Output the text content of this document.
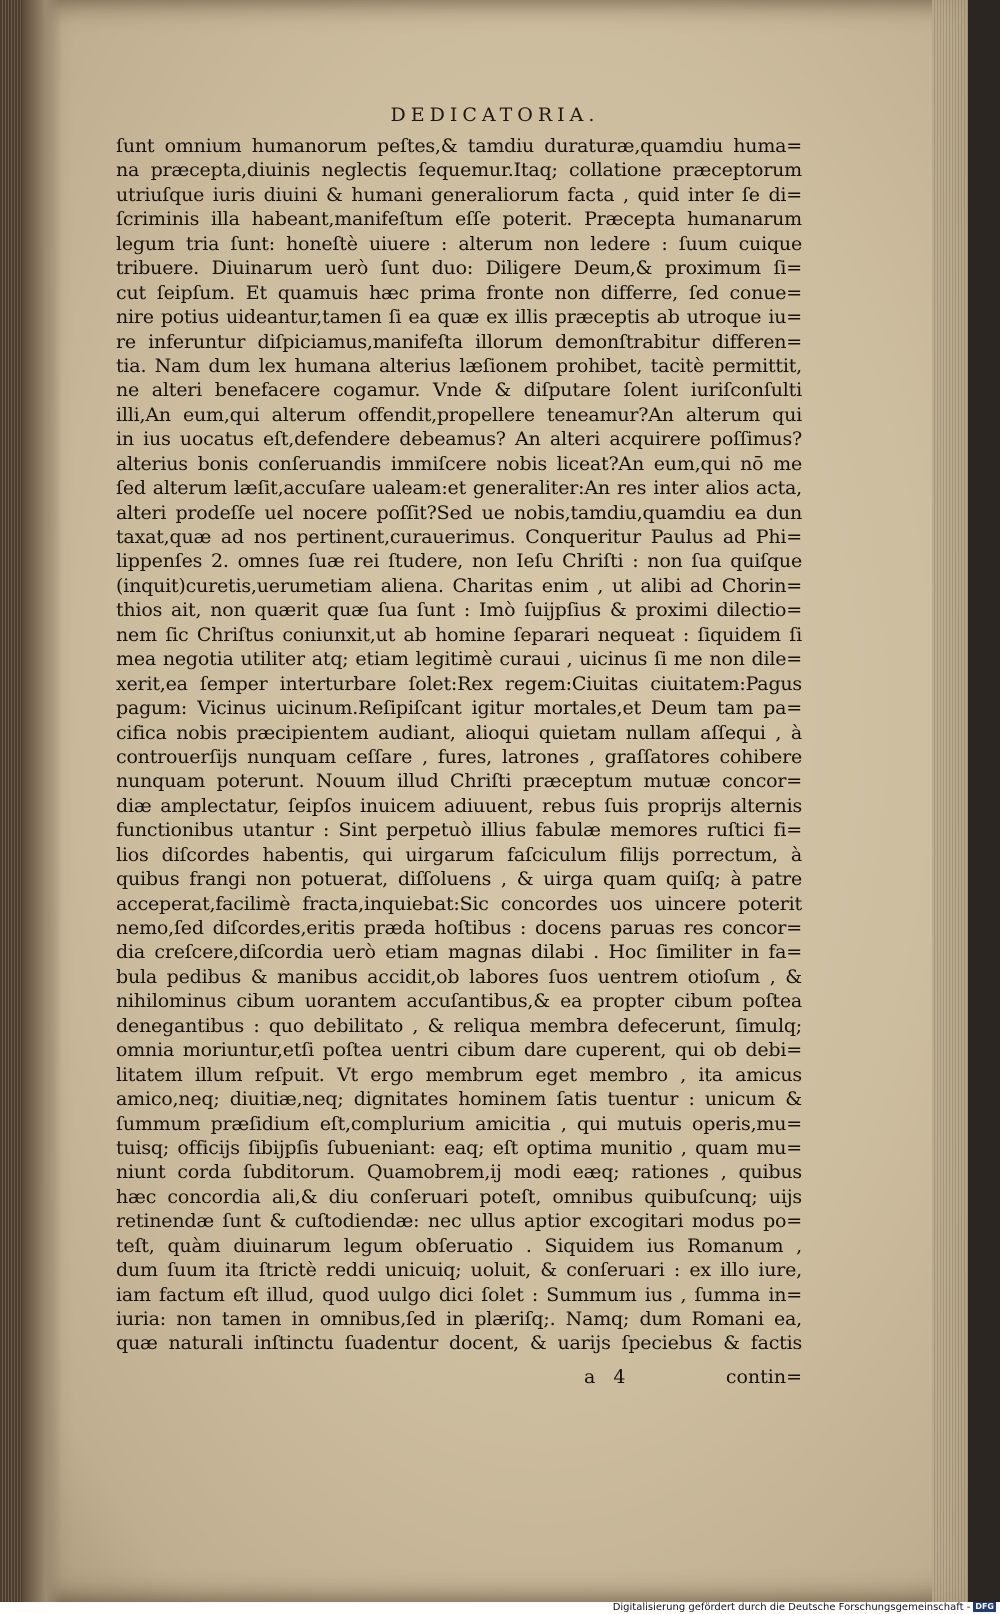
DEDICATORIA.
ſunt omnium humanorum peſtes,& tamdiu duraturæ,quamdiu huma=
na præcepta,diuinis neglectis ſequemur.Itaq; collatione præceptorum
utriuſque iuris diuini & humani generaliorum facta , quid inter ſe di=
ſcriminis illa habeant,manifeſtum eſſe poterit. Præcepta humanarum
legum tria ſunt: honeſtè uiuere : alterum non ledere : ſuum cuique
tribuere. Diuinarum uerò ſunt duo: Diligere Deum,& proximum ſi=
cut ſeipſum. Et quamuis hæc prima fronte non differre, ſed conue=
nire potius uideantur,tamen ſi ea quæ ex illis præceptis ab utroque iu=
re inferuntur diſpiciamus,manifeſta illorum demonſtrabitur differen=
tia. Nam dum lex humana alterius læſionem prohibet, tacitè permittit,
ne alteri benefacere cogamur. Vnde & diſputare ſolent iuriſconſulti
illi,An eum,qui alterum offendit,propellere teneamur?An alterum qui
in ius uocatus eſt,defendere debeamus? An alteri acquirere poſſimus?
alterius bonis conſeruandis immiſcere nobis liceat?An eum,qui nō me
ſed alterum læſit,accuſare ualeam:et generaliter:An res inter alios acta,
alteri prodeſſe uel nocere poſſit?Sed ue nobis,tamdiu,quamdiu ea dun
taxat,quæ ad nos pertinent,curauerimus. Conqueritur Paulus ad Phi=
lippenſes 2. omnes ſuæ rei ſtudere, non Ieſu Chriſti : non ſua quiſque
(inquit)curetis,uerumetiam aliena. Charitas enim , ut alibi ad Chorin=
thios ait, non quærit quæ ſua ſunt : Imò ſuijpſius & proximi dilectio=
nem ſic Chriſtus coniunxit,ut ab homine ſeparari nequeat : ſiquidem ſi
mea negotia utiliter atq; etiam legitimè curaui , uicinus ſi me non dile=
xerit,ea ſemper interturbare ſolet:Rex regem:Ciuitas ciuitatem:Pagus
pagum: Vicinus uicinum.Reſipiſcant igitur mortales,et Deum tam pa=
cifica nobis præcipientem audiant, alioqui quietam nullam aſſequi , à
controuerſijs nunquam ceſſare , fures, latrones , graſſatores cohibere
nunquam poterunt. Nouum illud Chriſti præceptum mutuæ concor=
diæ amplectatur, ſeipſos inuicem adiuuent, rebus ſuis proprijs alternis
functionibus utantur : Sint perpetuò illius fabulæ memores ruſtici fi=
lios diſcordes habentis, qui uirgarum faſciculum filijs porrectum, à
quibus frangi non potuerat, diſſoluens , & uirga quam quiſq; à patre
acceperat,facilimè fracta,inquiebat:Sic concordes uos uincere poterit
nemo,ſed diſcordes,eritis præda hoſtibus : docens paruas res concor=
dia creſcere,diſcordia uerò etiam magnas dilabi . Hoc ſimiliter in fa=
bula pedibus & manibus accidit,ob labores ſuos uentrem otioſum , &
nihilominus cibum uorantem accuſantibus,& ea propter cibum poſtea
denegantibus : quo debilitato , & reliqua membra defecerunt, ſimulq;
omnia moriuntur,etſi poſtea uentri cibum dare cuperent, qui ob debi=
litatem illum reſpuit. Vt ergo membrum eget membro , ita amicus
amico,neq; diuitiæ,neq; dignitates hominem ſatis tuentur : unicum &
ſummum præſidium eſt,complurium amicitia , qui mutuis operis,mu=
tuisq; officijs ſibijpſis ſubueniant: eaq; eſt optima munitio , quam mu=
niunt corda ſubditorum. Quamobrem,ij modi eæq; rationes , quibus
hæc concordia ali,& diu conſeruari poteſt, omnibus quibuſcunq; uijs
retinendæ ſunt & cuſtodiendæ: nec ullus aptior excogitari modus po=
teſt, quàm diuinarum legum obſeruatio . Siquidem ius Romanum ,
dum ſuum ita ſtrictè reddi unicuiq; uoluit, & conſeruari : ex illo iure,
iam factum eſt illud, quod uulgo dici ſolet : Summum ius , ſumma in=
iuria: non tamen in omnibus,ſed in plæriſq;. Namq; dum Romani ea,
quæ naturali inſtinctu ſuadentur docent, & uarijs ſpeciebus & factis
a 4	contin=
Digitalisierung gefördert durch die Deutsche Forschungsgemeinschaft - DFG
